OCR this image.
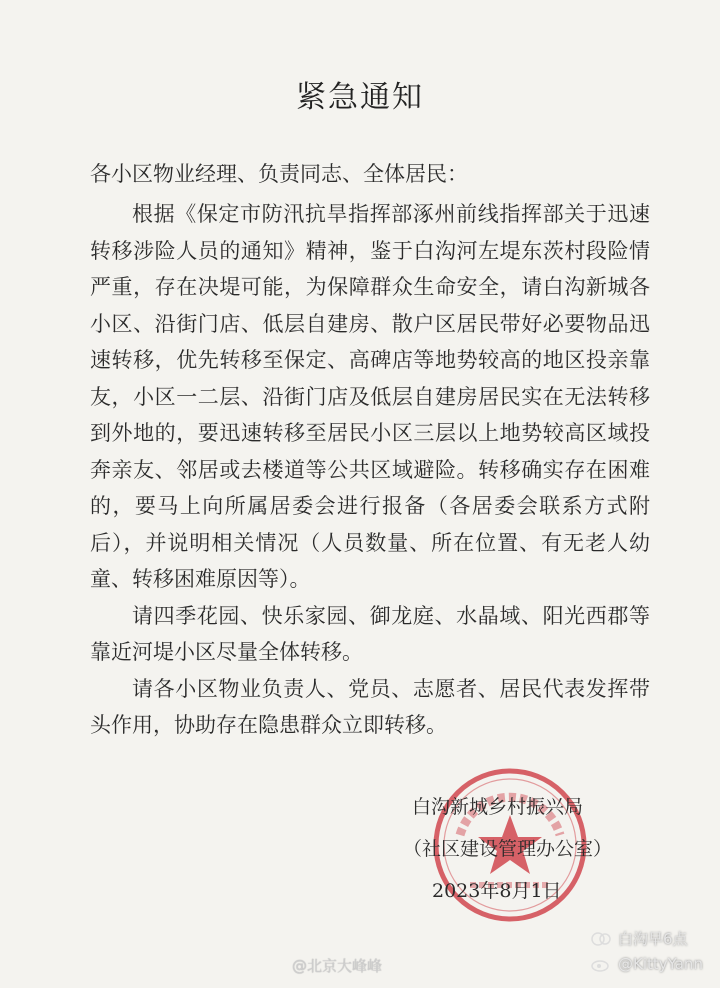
紧急通知
各小区物业经理、负责同志、全体居民：

根据《保定市防汛抗旱指挥部涿州前线指挥部关于迅速转移涉险人员的通知》精神，鉴于白沟河左堤东茨村段险情严重，存在决堤可能，为保障群众生命安全，请白沟新城各小区、沿街门店、低层自建房、散户区居民带好必要物品迅速转移，优先转移至保定、高碑店等地势较高的地区投亲靠友，小区一二层、沿街门店及低层自建房居民实在无法转移到外地的，要迅速转移至居民小区三层以上地势较高区域投奔亲友、邻居或去楼道等公共区域避险。转移确实存在困难的，要马上向所属居委会进行报备（各居委会联系方式附后），并说明相关情况（人员数量、所在位置、有无老人幼童、转移困难原因等）。

请四季花园、快乐家园、御龙庭、水晶域、阳光西郡等靠近河堤小区尽量全体转移。

请各小区物业负责人、党员、志愿者、居民代表发挥带头作用，协助存在隐患群众立即转移。

白沟新城乡村振兴局
（社区建设管理办公室）
2023年8月1日
@北京大峰峰
白沟早6点
@KittyYann
